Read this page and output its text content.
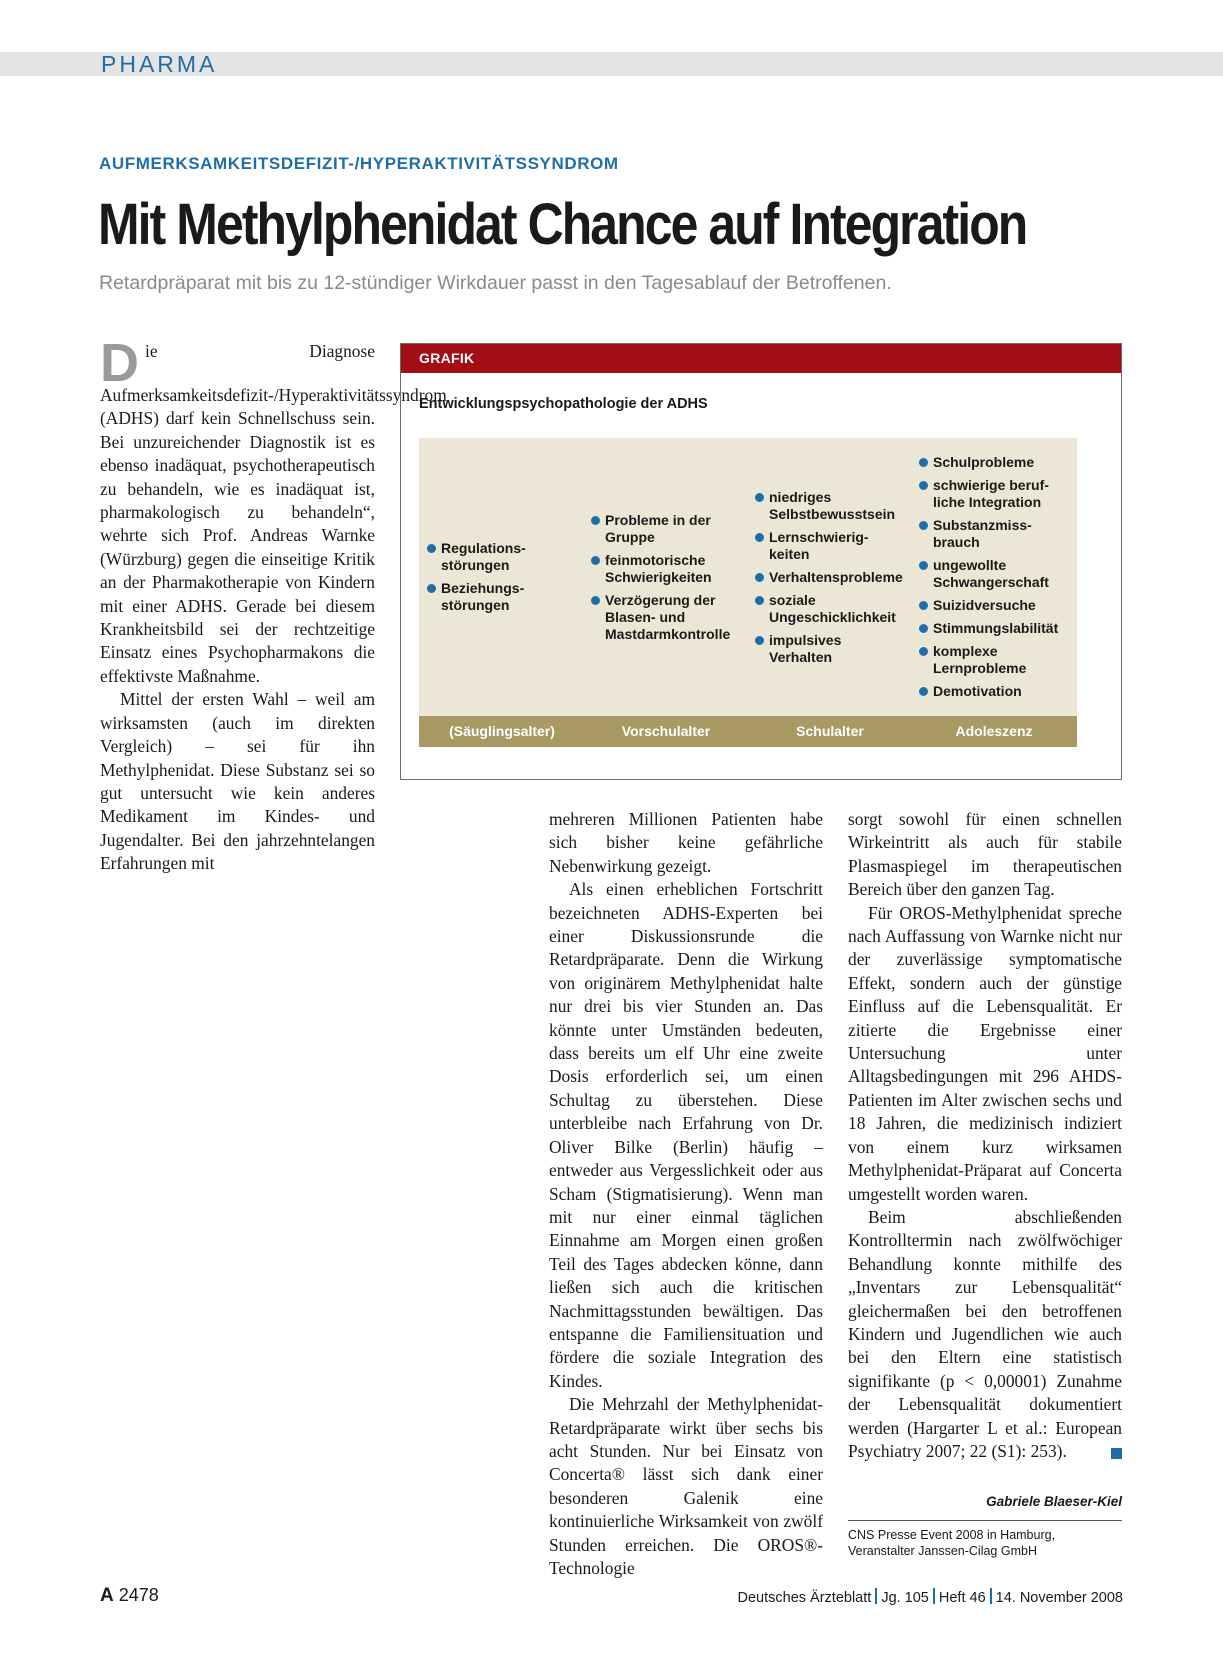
PHARMA
AUFMERKSAMKEITSDEFIZIT-/HYPERAKTIVITÄTSSYNDROM
Mit Methylphenidat Chance auf Integration
Retardpräparat mit bis zu 12-stündiger Wirkdauer passt in den Tagesablauf der Betroffenen.

Die Diagnose Aufmerksamkeitsdefizit-/Hyperaktivitätssyndrom (ADHS) darf kein Schnellschuss sein. Bei unzureichender Diagnostik ist es ebenso inadäquat, psychotherapeutisch zu behandeln, wie es inadäquat ist, pharmakologisch zu behandeln“, wehrte sich Prof. Andreas Warnke (Würzburg) gegen die einseitige Kritik an der Pharmakotherapie von Kindern mit einer ADHS. Gerade bei diesem Krankheitsbild sei der rechtzeitige Einsatz eines Psychopharmakons die effektivste Maßnahme.

Mittel der ersten Wahl – weil am wirksamsten (auch im direkten Vergleich) – sei für ihn Methylphenidat. Diese Substanz sei so gut untersucht wie kein anderes Medikament im Kindes- und Jugendalter. Bei den jahrzehntelangen Erfahrungen mit

GRAFIK
Entwicklungspsychopathologie der ADHS
Regulations-störungen
Beziehungs-störungen
(Säuglingsalter)
Probleme in der Gruppe
feinmotorische Schwierigkeiten
Verzögerung der Blasen- und Mastdarmkontrolle
Vorschulalter
niedriges Selbstbewusstsein
Lernschwierig-keiten
Verhaltensprobleme
soziale Ungeschicklichkeit
impulsives Verhalten
Schulalter
Schulprobleme
schwierige beruf-liche Integration
Substanzmiss-brauch
ungewollte Schwangerschaft
Suizidversuche
Stimmungslabilität
komplexe Lernprobleme
Demotivation
Adoleszenz

mehreren Millionen Patienten habe sich bisher keine gefährliche Nebenwirkung gezeigt.

Als einen erheblichen Fortschritt bezeichneten ADHS-Experten bei einer Diskussionsrunde die Retardpräparate. Denn die Wirkung von originärem Methylphenidat halte nur drei bis vier Stunden an. Das könnte unter Umständen bedeuten, dass bereits um elf Uhr eine zweite Dosis erforderlich sei, um einen Schultag zu überstehen. Diese unterbleibe nach Erfahrung von Dr. Oliver Bilke (Berlin) häufig – entweder aus Vergesslichkeit oder aus Scham (Stigmatisierung). Wenn man mit nur einer einmal täglichen Einnahme am Morgen einen großen Teil des Tages abdecken könne, dann ließen sich auch die kritischen Nachmittagsstunden bewältigen. Das entspanne die Familiensituation und fördere die soziale Integration des Kindes.

Die Mehrzahl der Methylphenidat-Retardpräparate wirkt über sechs bis acht Stunden. Nur bei Einsatz von Concerta® lässt sich dank einer besonderen Galenik eine kontinuierliche Wirksamkeit von zwölf Stunden erreichen. Die OROS®-Technologie

sorgt sowohl für einen schnellen Wirkeintritt als auch für stabile Plasmaspiegel im therapeutischen Bereich über den ganzen Tag.

Für OROS-Methylphenidat spreche nach Auffassung von Warnke nicht nur der zuverlässige symptomatische Effekt, sondern auch der günstige Einfluss auf die Lebensqualität. Er zitierte die Ergebnisse einer Untersuchung unter Alltagsbedingungen mit 296 AHDS-Patienten im Alter zwischen sechs und 18 Jahren, die medizinisch indiziert von einem kurz wirksamen Methylphenidat-Präparat auf Concerta umgestellt worden waren.

Beim abschließenden Kontrolltermin nach zwölfwöchiger Behandlung konnte mithilfe des „Inventars zur Lebensqualität“ gleichermaßen bei den betroffenen Kindern und Jugendlichen wie auch bei den Eltern eine statistisch signifikante (p < 0,00001) Zunahme der Lebensqualität dokumentiert werden (Hargarter L et al.: European Psychiatry 2007; 22 (S1): 253).

Gabriele Blaeser-Kiel
CNS Presse Event 2008 in Hamburg, Veranstalter Janssen-Cilag GmbH
A 2478	Deutsches Ärzteblatt Jg. 105 Heft 46 14. November 2008
